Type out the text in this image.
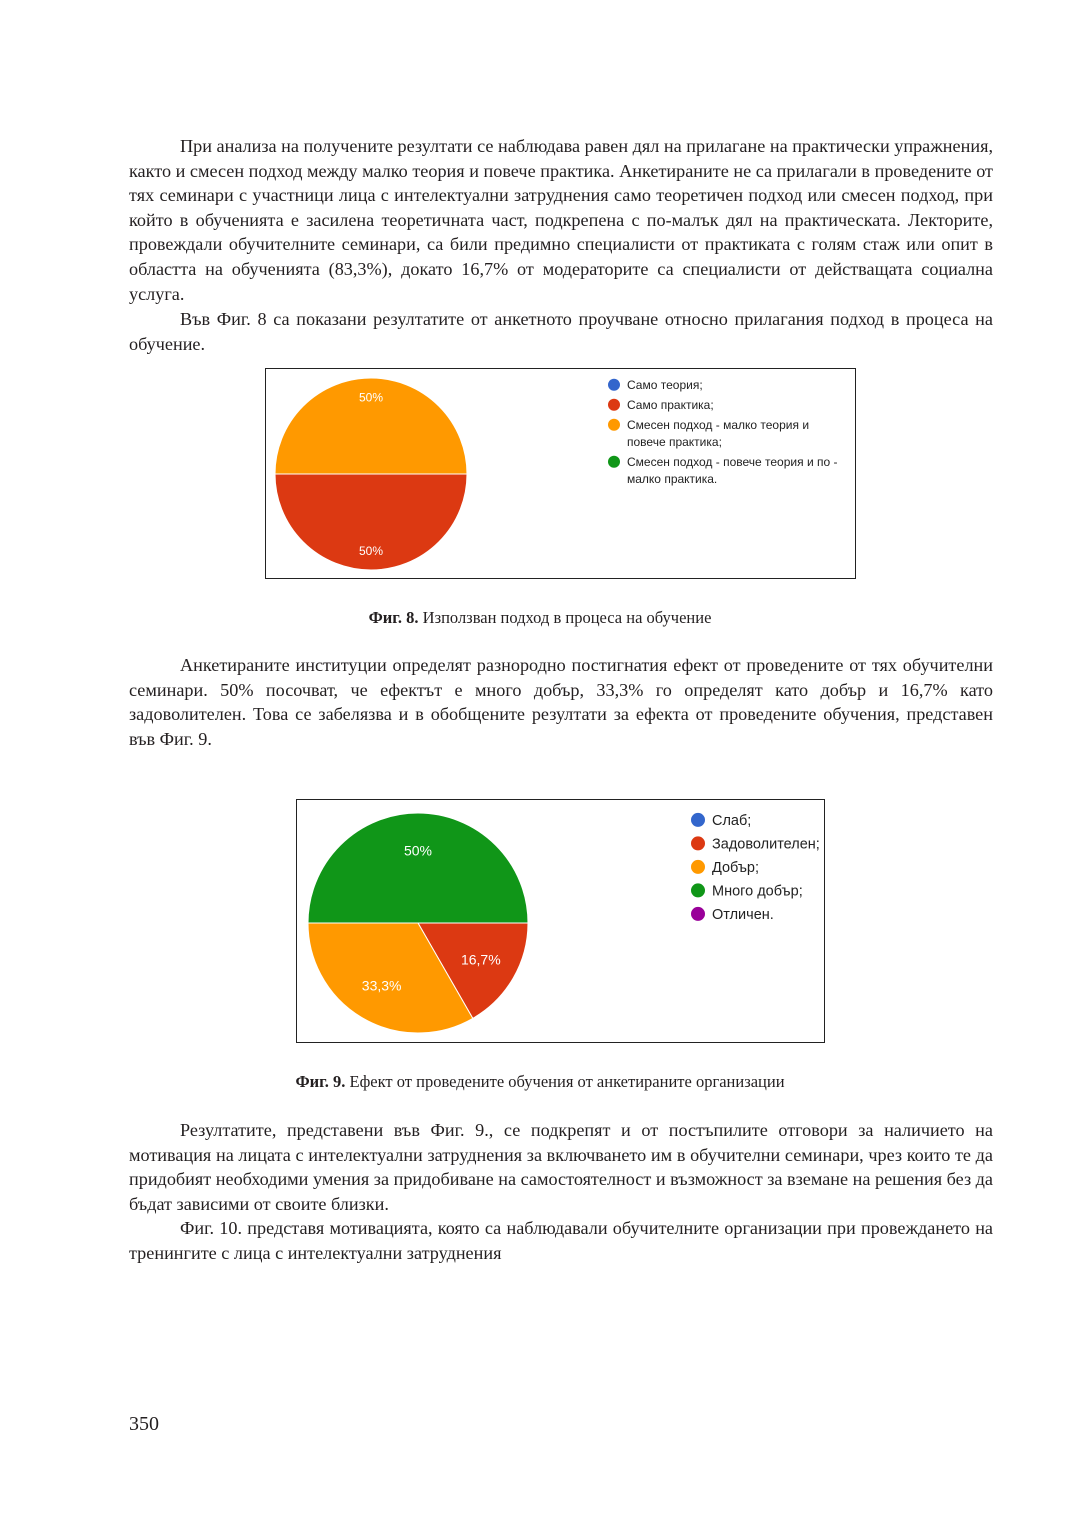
При анализа на получените резултати се наблюдава равен дял на прилагане на практически упражнения, както и смесен подход между малко теория и повече практика. Анкетираните не са прилагали в проведените от тях семинари с участници лица с интелектуални затруднения само теоретичен подход или смесен подход, при който в обученията е засилена теоретичната част, подкрепена с по-малък дял на практическата. Лекторите, провеждали обучителните семинари, са били предимно специалисти от практиката с голям стаж или опит в областта на обученията (83,3%), докато 16,7% от модераторите са специалисти от действащата социална услуга.

Във Фиг. 8 са показани резултатите от анкетното проучване относно прилагания подход в процеса на обучение.

50%
50%
Само теория;
Само практика;
Смесен подход - малко теория и
повече практика;
Смесен подход - повече теория и по -
малко практика.
Фиг. 8. Използван подход в процеса на обучение

Анкетираните институции определят разнородно постигнатия ефект от проведените от тях обучителни семинари. 50% посочват, че ефектът е много добър, 33,3% го определят като добър и 16,7% като задоволителен. Това се забелязва и в обобщените резултати за ефекта от проведените обучения, представен във Фиг. 9.

16,7%
33,3%
50%
Слаб;
Задоволителен;
Добър;
Много добър;
Отличен.
Фиг. 9. Ефект от проведените обучения от анкетираните организации

Резултатите, представени във Фиг. 9., се подкрепят и от постъпилите отговори за наличието на мотивация на лицата с интелектуални затруднения за включването им в обучителни семинари, чрез които те да придобият необходими умения за придобиване на самостоятелност и възможност за вземане на решения без да бъдат зависими от своите близки.

Фиг. 10. представя мотивацията, която са наблюдавали обучителните организации при провеждането на тренингите с лица с интелектуални затруднения

350
